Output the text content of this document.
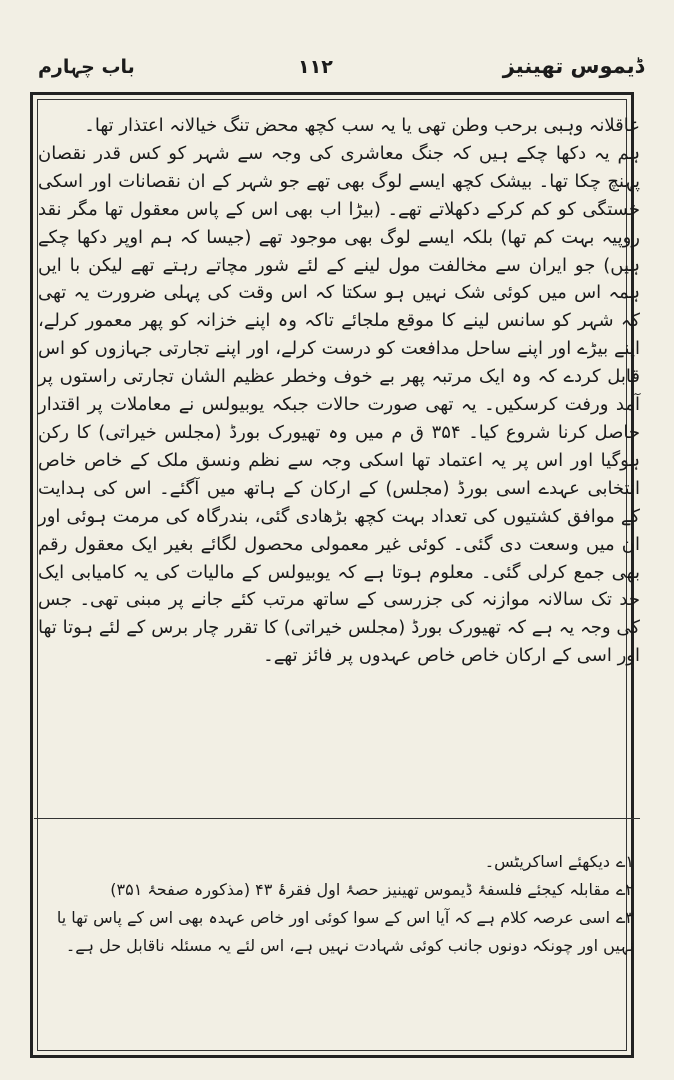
باب چہارم	۱۱۲	ڈیموس تھینیز

عاقلانہ وہبی برحب وطن تھی یا یہ سب کچھ محض تنگ خیالانہ اعتذار تھا۔

ہم یہ دکھا چکے ہیں کہ جنگ معاشری کی وجہ سے شہر کو کس قدر نقصان پہنچ چکا تھا۔ بیشک کچھ ایسے لوگ بھی تھے جو شہر کے ان نقصانات اور اسکی خستگی کو کم کرکے دکھلاتے تھے۔ (بیڑا اب بھی اس کے پاس معقول تھا مگر نقد روپیہ بہت کم تھا) بلکہ ایسے لوگ بھی موجود تھے (جیسا کہ ہم اوپر دکھا چکے ہیں) جو ایران سے مخالفت مول لینے کے لئے شور مچاتے رہتے تھے لیکن با ایں ہمہ اس میں کوئی شک نہیں ہو سکتا کہ اس وقت کی پہلی ضرورت یہ تھی کہ شہر کو سانس لینے کا موقع ملجائے تاکہ وہ اپنے خزانہ کو پھر معمور کرلے، اپنے بیڑے اور اپنے ساحل مدافعت کو درست کرلے، اور اپنے تجارتی جہازوں کو اس قابل کردے کہ وہ ایک مرتبہ پھر بے خوف وخطر عظیم الشان تجارتی راستوں پر آمد ورفت کرسکیں۔ یہ تھی صورت حالات جبکہ یوبیولس نے معاملات پر اقتدار حاصل کرنا شروع کیا۔ ۳۵۴ ق م میں وہ تھیورک بورڈ (مجلس خیراتی) کا رکن ہوگیا اور اس پر یہ اعتماد تھا اسکی وجہ سے نظم ونسق ملک کے خاص خاص انتخابی عہدے اسی بورڈ (مجلس) کے ارکان کے ہاتھ میں آگئے۔ اس کی ہدایت کے موافق کشتیوں کی تعداد بہت کچھ بڑھادی گئی، بندرگاہ کی مرمت ہوئی اور ان میں وسعت دی گئی۔ کوئی غیر معمولی محصول لگائے بغیر ایک معقول رقم بھی جمع کرلی گئی۔ معلوم ہوتا ہے کہ یوبیولس کے مالیات کی یہ کامیابی ایک حد تک سالانہ موازنہ کی جزرسی کے ساتھ مرتب کئے جانے پر مبنی تھی۔ جس کی وجہ یہ ہے کہ تھیورک بورڈ (مجلس خیراتی) کا تقرر چار برس کے لئے ہوتا تھا اور اسی کے ارکان خاص خاص عہدوں پر فائز تھے۔

۱ےدیکھئے اساکریٹس۔

۲ےمقابلہ کیجئے فلسفۂ ڈیموس تھینیز حصۂ اول فقرۂ ۴۳ (مذکورہ صفحۂ ۳۵۱)

۳ےاسی عرصہ کلام ہے کہ آیا اس کے سوا کوئی اور خاص عہدہ بھی اس کے پاس تھا یا نہیں اور چونکہ دونوں جانب کوئی شہادت نہیں ہے، اس لئے یہ مسئلہ ناقابل حل ہے۔
